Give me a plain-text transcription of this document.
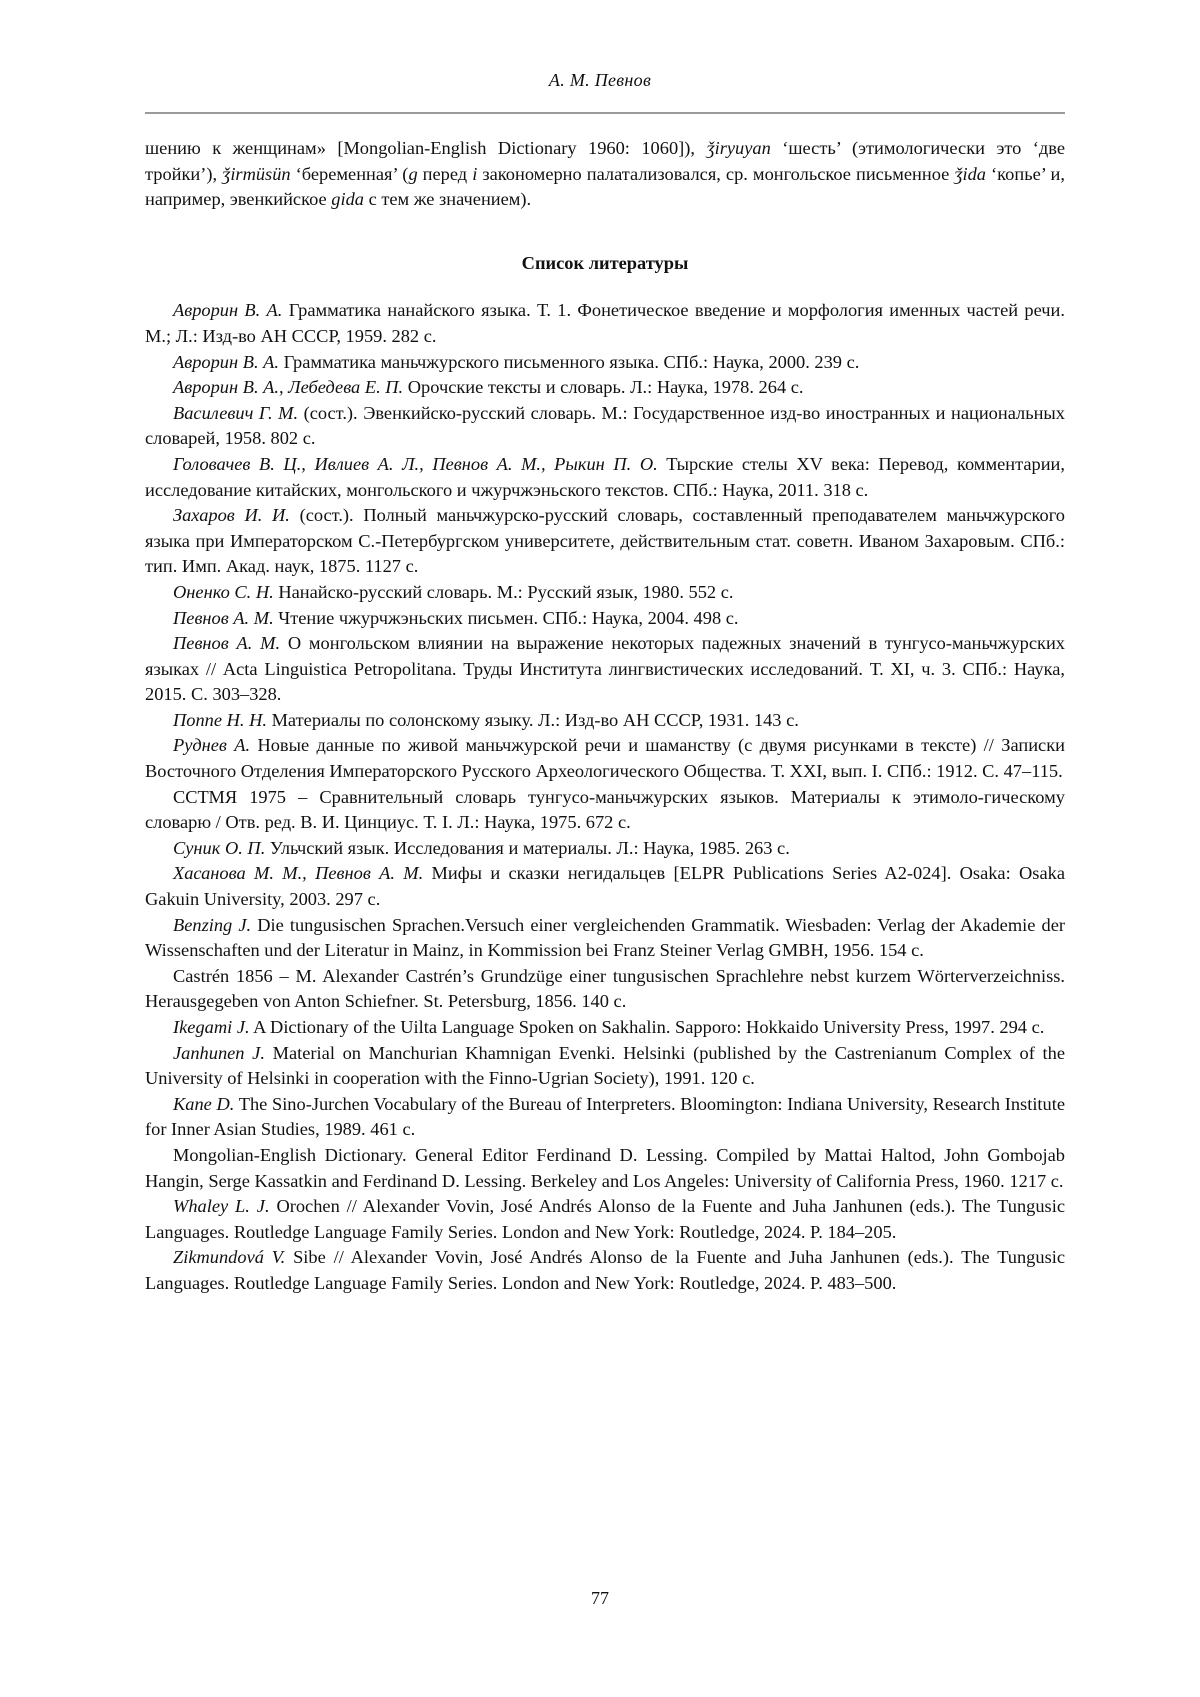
А. М. Певнов

шению к женщинам» [Mongolian-English Dictionary 1960: 1060]), ǯiryuyan ‘шесть’ (этимологически это ‘две тройки’), ǯirmüsün ‘беременная’ (g перед i закономерно палатализовался, ср. монгольское письменное ǯida ‘копье’ и, например, эвенкийское gida с тем же значением).

Список литературы

Аврорин В. А. Грамматика нанайского языка. Т. 1. Фонетическое введение и морфология именных частей речи. М.; Л.: Изд-во АН СССР, 1959. 282 с.

Аврорин В. А. Грамматика маньчжурского письменного языка. СПб.: Наука, 2000. 239 с.

Аврорин В. А., Лебедева Е. П. Орочские тексты и словарь. Л.: Наука, 1978. 264 с.

Василевич Г. М. (сост.). Эвенкийско-русский словарь. М.: Государственное изд-во иностранных и национальных словарей, 1958. 802 с.

Головачев В. Ц., Ивлиев А. Л., Певнов А. М., Рыкин П. О. Тырские стелы XV века: Перевод, комментарии, исследование китайских, монгольского и чжурчжэньского текстов. СПб.: Наука, 2011. 318 с.

Захаров И. И. (сост.). Полный маньчжурско-русский словарь, составленный преподавателем маньчжурского языка при Императорском С.-Петербургском университете, действительным стат. советн. Иваном Захаровым. СПб.: тип. Имп. Акад. наук, 1875. 1127 с.

Оненко С. Н. Нанайско-русский словарь. М.: Русский язык, 1980. 552 с.

Певнов А. М. Чтение чжурчжэньских письмен. СПб.: Наука, 2004. 498 с.

Певнов А. М. О монгольском влиянии на выражение некоторых падежных значений в тунгусо-маньчжурских языках // Acta Linguistica Petropolitana. Труды Института лингвистических исследований. Т. XI, ч. 3. СПб.: Наука, 2015. С. 303–328.

Поппе Н. Н. Материалы по солонскому языку. Л.: Изд-во АН СССР, 1931. 143 с.

Руднев А. Новые данные по живой маньчжурской речи и шаманству (с двумя рисунками в тексте) // Записки Восточного Отделения Императорского Русского Археологического Общества. Т. XXI, вып. I. СПб.: 1912. С. 47–115.

ССТМЯ 1975 – Сравнительный словарь тунгусо-маньчжурских языков. Материалы к этимоло-гическому словарю / Отв. ред. В. И. Цинциус. Т. I. Л.: Наука, 1975. 672 с.

Суник О. П. Ульчский язык. Исследования и материалы. Л.: Наука, 1985. 263 с.

Хасанова М. М., Певнов А. М. Мифы и сказки негидальцев [ELPR Publications Series A2-024]. Osaka: Osaka Gakuin University, 2003. 297 с.

Benzing J. Die tungusischen Sprachen.Versuch einer vergleichenden Grammatik. Wiesbaden: Verlag der Akademie der Wissenschaften und der Literatur in Mainz, in Kommission bei Franz Steiner Verlag GMBH, 1956. 154 с.

Castrén 1856 – M. Alexander Castrén’s Grundzüge einer tungusischen Sprachlehre nebst kurzem Wörterverzeichniss. Herausgegeben von Anton Schiefner. St. Petersburg, 1856. 140 с.

Ikegami J. A Dictionary of the Uilta Language Spoken on Sakhalin. Sapporo: Hokkaido University Press, 1997. 294 с.

Janhunen J. Material on Manchurian Khamnigan Evenki. Helsinki (published by the Castrenianum Complex of the University of Helsinki in cooperation with the Finno-Ugrian Society), 1991. 120 с.

Kane D. The Sino-Jurchen Vocabulary of the Bureau of Interpreters. Bloomington: Indiana University, Research Institute for Inner Asian Studies, 1989. 461 с.

Mongolian-English Dictionary. General Editor Ferdinand D. Lessing. Compiled by Mattai Haltod, John Gombojab Hangin, Serge Kassatkin and Ferdinand D. Lessing. Berkeley and Los Angeles: University of California Press, 1960. 1217 с.

Whaley L. J. Orochen // Alexander Vovin, José Andrés Alonso de la Fuente and Juha Janhunen (eds.). The Tungusic Languages. Routledge Language Family Series. London and New York: Routledge, 2024. P. 184–205.

Zikmundová V. Sibe // Alexander Vovin, José Andrés Alonso de la Fuente and Juha Janhunen (eds.). The Tungusic Languages. Routledge Language Family Series. London and New York: Routledge, 2024. P. 483–500.

77
